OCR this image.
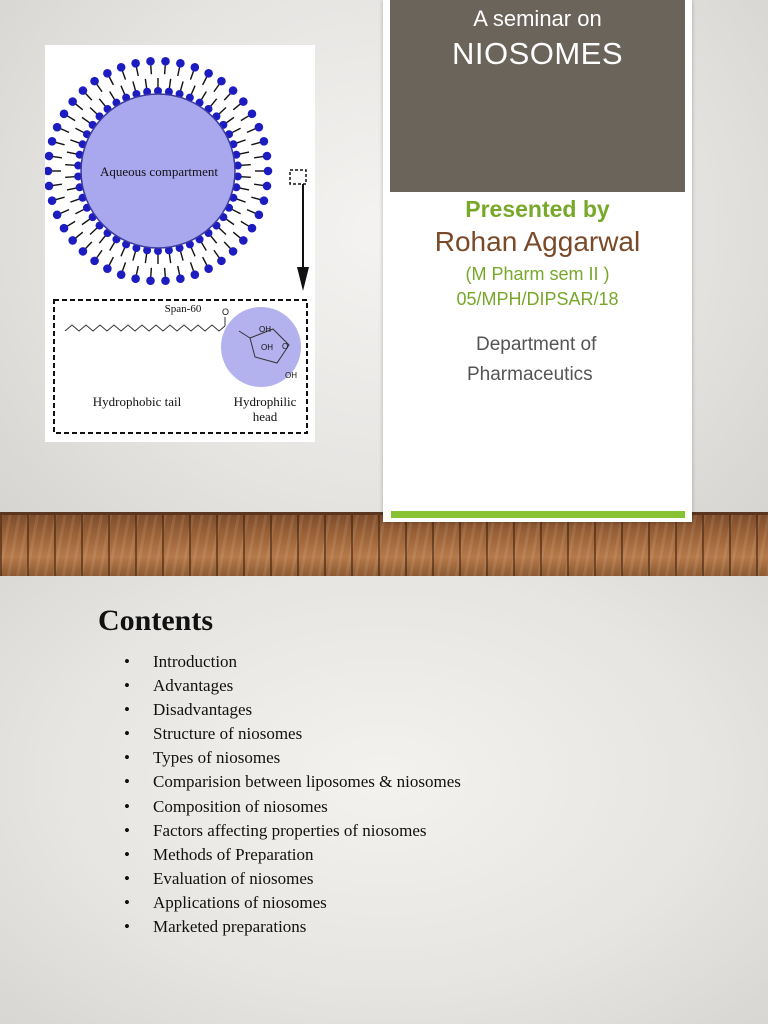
Aqueous compartment
Span-60 O
OH
OH O
OH
Hydrophobic tail	Hydrophilic
head
A seminar on
NIOSOMES
Presented by
Rohan Aggarwal
(M Pharm sem II )
05/MPH/DIPSAR/18
Department of
Pharmaceutics
Contents
• Introduction
• Advantages
• Disadvantages
• Structure of niosomes
• Types of niosomes
• Comparision between liposomes & niosomes
• Composition of niosomes
• Factors affecting properties of niosomes
• Methods of Preparation
• Evaluation of niosomes
• Applications of niosomes
• Marketed preparations
